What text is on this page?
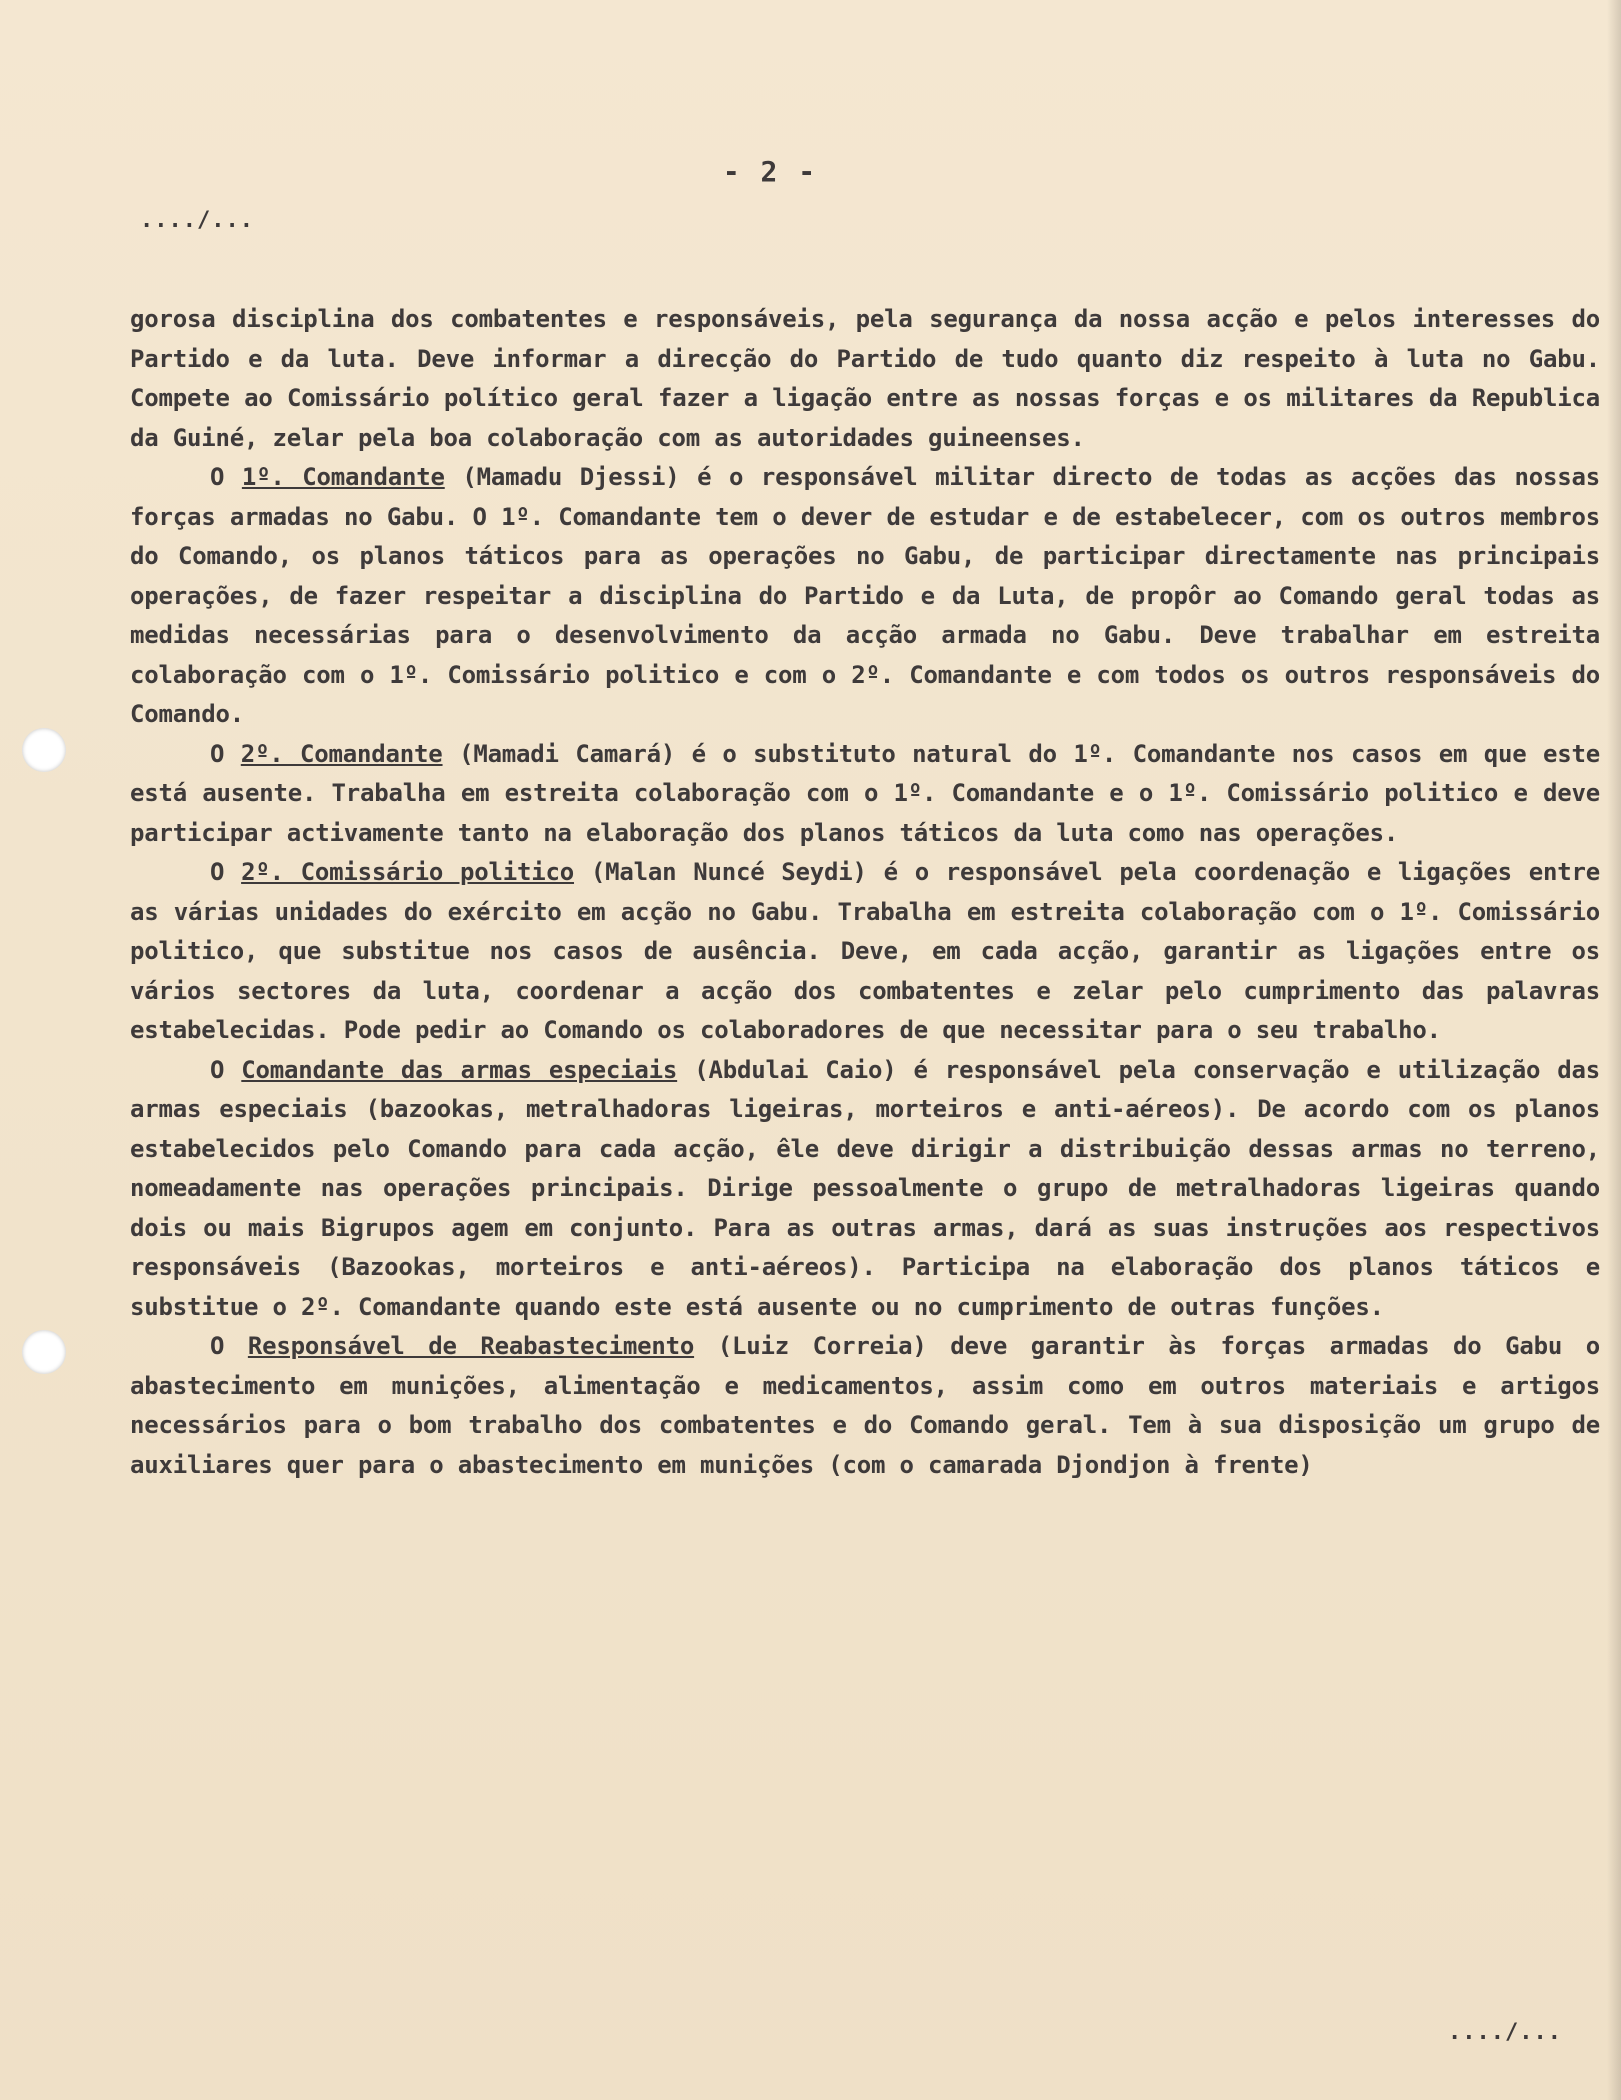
- 2 -
..../...

gorosa disciplina dos combatentes e responsáveis, pela segurança da nossa acção e pelos interesses do Partido e da luta. Deve informar a direcção do Partido de tudo quanto diz respeito à luta no Gabu. Compete ao Comissário político geral fazer a ligação entre as nossas forças e os militares da Republica da Guiné, zelar pela boa colaboração com as autoridades guineenses.

O 1º. Comandante (Mamadu Djessi) é o responsável militar directo de todas as acções das nossas forças armadas no Gabu. O 1º. Comandante tem o dever de estudar e de estabelecer, com os outros membros do Comando, os planos táticos para as operações no Gabu, de participar directamente nas principais operações, de fazer respeitar a disciplina do Partido e da Luta, de propôr ao Comando geral todas as medidas necessárias para o desenvolvimento da acção armada no Gabu. Deve trabalhar em estreita colaboração com o 1º. Comissário politico e com o 2º. Comandante e com todos os outros responsáveis do Comando.

O 2º. Comandante (Mamadi Camará) é o substituto natural do 1º. Comandante nos casos em que este está ausente. Trabalha em estreita colaboração com o 1º. Comandante e o 1º. Comissário politico e deve participar activamente tanto na elaboração dos planos táticos da luta como nas operações.

O 2º. Comissário politico (Malan Nuncé Seydi) é o responsável pela coordenação e ligações entre as várias unidades do exército em acção no Gabu. Trabalha em estreita colaboração com o 1º. Comissário politico, que substitue nos casos de ausência. Deve, em cada acção, garantir as ligações entre os vários sectores da luta, coordenar a acção dos combatentes e zelar pelo cumprimento das palavras estabelecidas. Pode pedir ao Comando os colaboradores de que necessitar para o seu trabalho.

O Comandante das armas especiais (Abdulai Caio) é responsável pela conservação e utilização das armas especiais (bazookas, metralhadoras ligeiras, morteiros e anti-aéreos). De acordo com os planos estabelecidos pelo Comando para cada acção, êle deve dirigir a distribuição dessas armas no terreno, nomeadamente nas operações principais. Dirige pessoalmente o grupo de metralhadoras ligeiras quando dois ou mais Bigrupos agem em conjunto. Para as outras armas, dará as suas instruções aos respectivos responsáveis (Bazookas, morteiros e anti-aéreos). Participa na elaboração dos planos táticos e substitue o 2º. Comandante quando este está ausente ou no cumprimento de outras funções.

O Responsável de Reabastecimento (Luiz Correia) deve garantir às forças armadas do Gabu o abastecimento em munições, alimentação e medicamentos, assim como em outros materiais e artigos necessários para o bom trabalho dos combatentes e do Comando geral. Tem à sua disposição um grupo de auxiliares quer para o abastecimento em munições (com o camarada Djondjon à frente)

..../...
